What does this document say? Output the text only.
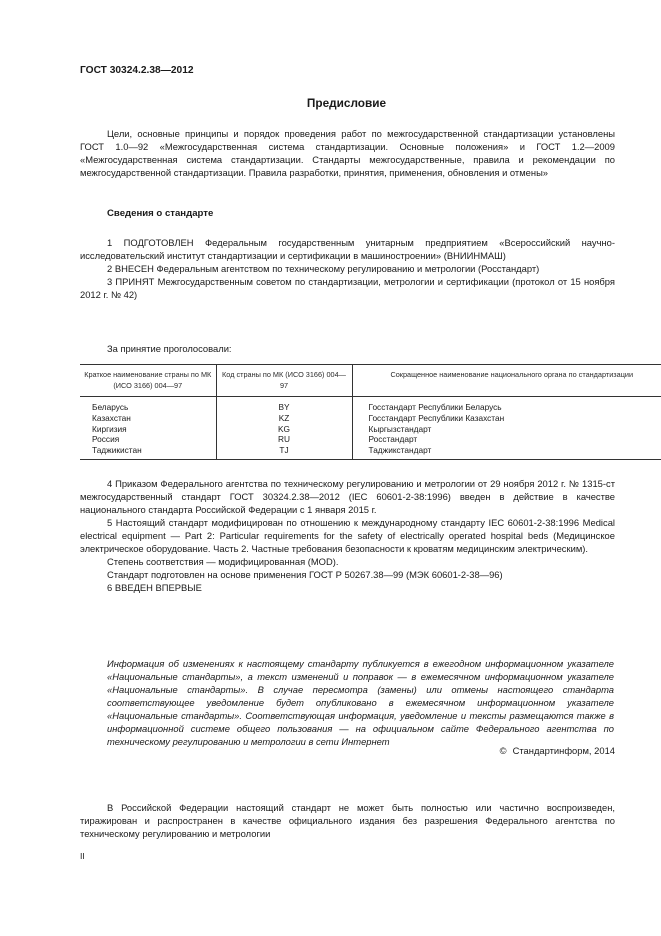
ГОСТ 30324.2.38—2012
Предисловие

Цели, основные принципы и порядок проведения работ по межгосударственной стандартизации установлены ГОСТ 1.0—92 «Межгосударственная система стандартизации. Основные положения» и ГОСТ 1.2—2009 «Межгосударственная система стандартизации. Стандарты межгосударственные, правила и рекомендации по межгосударственной стандартизации. Правила разработки, принятия, применения, обновления и отмены»

Сведения о стандарте

1 ПОДГОТОВЛЕН Федеральным государственным унитарным предприятием «Всероссийский научно-исследовательский институт стандартизации и сертификации в машиностроении» (ВНИИНМАШ)

2 ВНЕСЕН Федеральным агентством по техническому регулированию и метрологии (Росстандарт)

3 ПРИНЯТ Межгосударственным советом по стандартизации, метрологии и сертификации (протокол от 15 ноября 2012 г. № 42)

За принятие проголосовали:

Краткое наименование страны по МК (ИСО 3166) 004—97	Код страны по МК (ИСО 3166) 004—97	Сокращенное наименование национального органа по стандартизации
Беларусь	BY	Госстандарт Республики Беларусь
Казахстан	KZ	Госстандарт Республики Казахстан
Киргизия	KG	Кыргызстандарт
Россия	RU	Росстандарт
Таджикистан	TJ	Таджикстандарт

4 Приказом Федерального агентства по техническому регулированию и метрологии от 29 ноября 2012 г. № 1315-ст межгосударственный стандарт ГОСТ 30324.2.38—2012 (IEC 60601-2-38:1996) введен в действие в качестве национального стандарта Российской Федерации с 1 января 2015 г.

5 Настоящий стандарт модифицирован по отношению к международному стандарту IEC 60601-2-38:1996 Medical electrical equipment — Part 2: Particular requirements for the safety of electrically operated hospital beds (Медицинское электрическое оборудование. Часть 2. Частные требования безопасности к кроватям медицинским электрическим).

Степень соответствия — модифицированная (MOD).

Стандарт подготовлен на основе применения ГОСТ Р 50267.38—99 (МЭК 60601-2-38—96)

6 ВВЕДЕН ВПЕРВЫЕ

Информация об изменениях к настоящему стандарту публикуется в ежегодном информационном указателе «Национальные стандарты», а текст изменений и поправок — в ежемесячном информационном указателе «Национальные стандарты». В случае пересмотра (замены) или отмены настоящего стандарта соответствующее уведомление будет опубликовано в ежемесячном информационном указателе «Национальные стандарты». Соответствующая информация, уведомление и тексты размещаются также в информационной системе общего пользования — на официальном сайте Федерального агентства по техническому регулированию и метрологии в сети Интернет
© Стандартинформ, 2014

В Российской Федерации настоящий стандарт не может быть полностью или частично воспроизведен, тиражирован и распространен в качестве официального издания без разрешения Федерального агентства по техническому регулированию и метрологии

II
